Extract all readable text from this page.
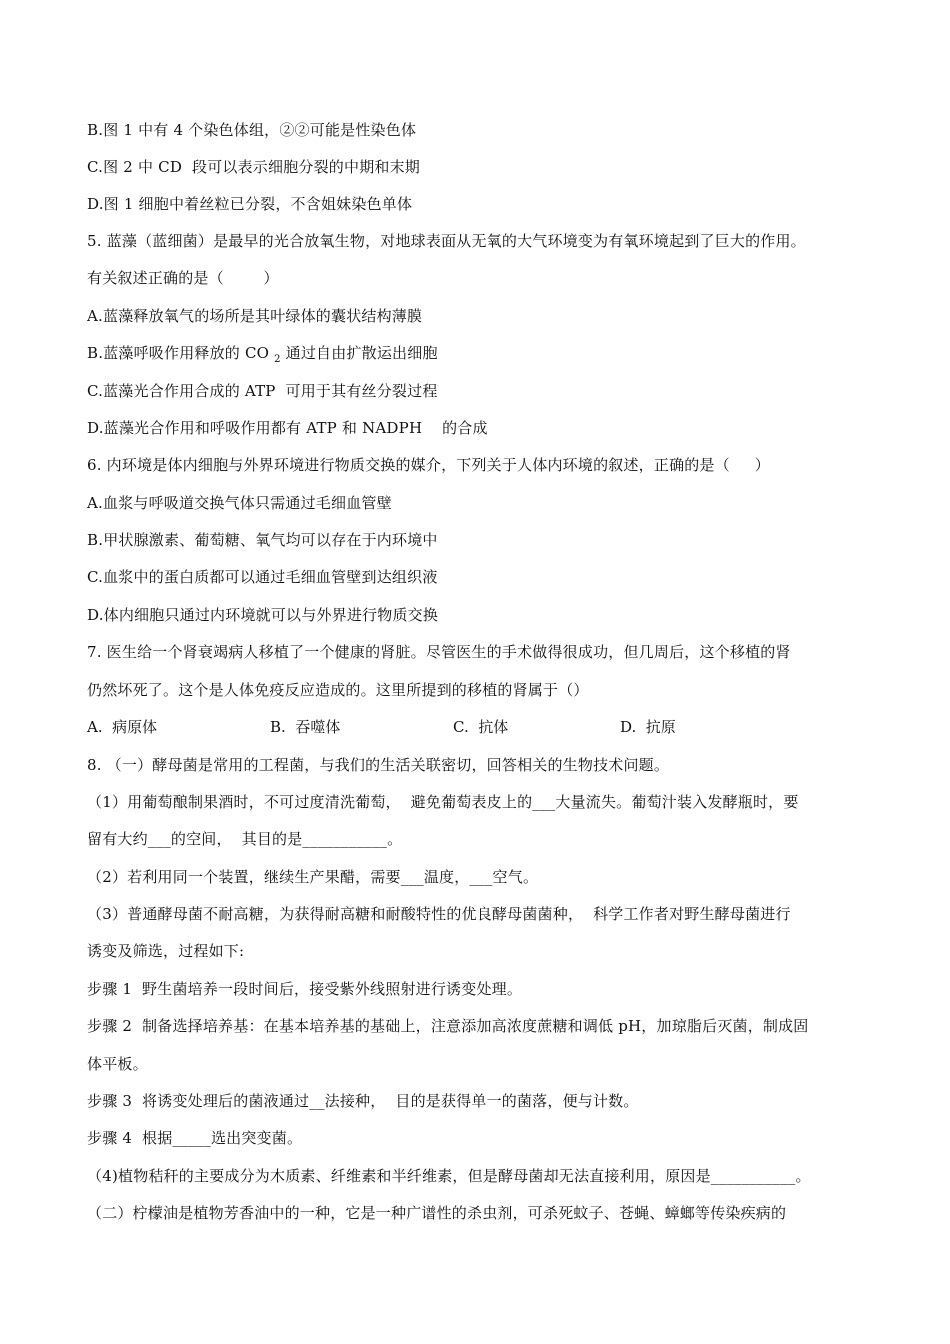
B.图 1 中有 4 个染色体组，②②可能是性染色体
C.图 2 中 CD  段可以表示细胞分裂的中期和末期
D.图 1 细胞中着丝粒已分裂，不含姐妹染色单体
5. 蓝藻（蓝细菌）是最早的光合放氧生物，对地球表面从无氧的大气环境变为有氧环境起到了巨大的作用。
有关叙述正确的是（        ）
A.蓝藻释放氧气的场所是其叶绿体的囊状结构薄膜
B.蓝藻呼吸作用释放的 CO $_2$ 通过自由扩散运出细胞
C.蓝藻光合作用合成的 ATP  可用于其有丝分裂过程
D.蓝藻光合作用和呼吸作用都有 ATP 和 NADPH    的合成
6. 内环境是体内细胞与外界环境进行物质交换的媒介，下列关于人体内环境的叙述，正确的是（     ）
A.血浆与呼吸道交换气体只需通过毛细血管壁
B.甲状腺激素、葡萄糖、氧气均可以存在于内环境中
C.血浆中的蛋白质都可以通过毛细血管壁到达组织液
D.体内细胞只通过内环境就可以与外界进行物质交换
7. 医生给一个肾衰竭病人移植了一个健康的肾脏。尽管医生的手术做得很成功，但几周后，这个移植的肾
仍然坏死了。这个是人体免疫反应造成的。这里所提到的移植的肾属于（）

A.  病原体

	B.  吞噬体

	C.  抗体

	D.  抗原

8. （一）酵母菌是常用的工程菌，与我们的生活关联密切，回答相关的生物技术问题。
（1）用葡萄酿制果酒时，不可过度清洗葡萄，  避免葡萄表皮上的___大量流失。葡萄汁装入发酵瓶时，要
留有大约___的空间，  其目的是___________。
（2）若利用同一个装置，继续生产果醋，需要___温度，___空气。
（3）普通酵母菌不耐高糖，为获得耐高糖和耐酸特性的优良酵母菌菌种，  科学工作者对野生酵母菌进行
诱变及筛选，过程如下:
步骤 1  野生菌培养一段时间后，接受紫外线照射进行诱变处理。
步骤 2  制备选择培养基：在基本培养基的基础上，注意添加高浓度蔗糖和调低 pH，加琼脂后灭菌，制成固
体平板。
步骤 3  将诱变处理后的菌液通过__法接种，  目的是获得单一的菌落，便与计数。
步骤 4  根据_____选出突变菌。
（4)植物秸秆的主要成分为木质素、纤维素和半纤维素，但是酵母菌却无法直接利用，原因是___________。
（二）柠檬油是植物芳香油中的一种，它是一种广谱性的杀虫剂，可杀死蚊子、苍蝇、蟑螂等传染疾病的
